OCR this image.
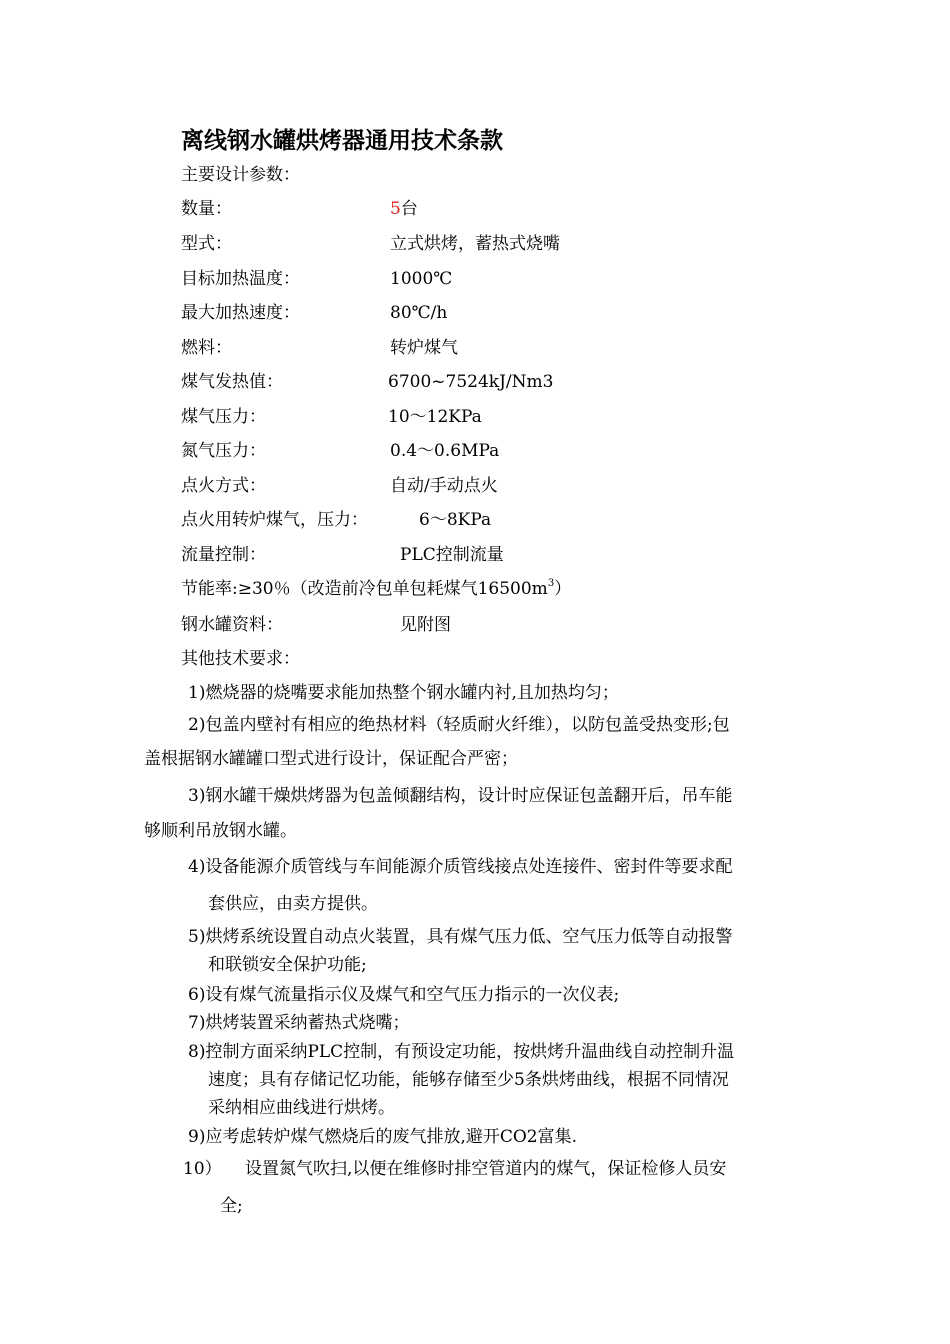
离线钢水罐烘烤器通用技术条款
主要设计参数：
数量：	5台
型式：	立式烘烤，蓄热式烧嘴
目标加热温度：	1000℃
最大加热速度：	80℃/h
燃料：	转炉煤气
煤气发热值：	6700~7524kJ/Nm3
煤气压力：	10～12KPa
氮气压力：	0.4～0.6MPa
点火方式：	自动/手动点火
点火用转炉煤气，压力：	6～8KPa
流量控制：	PLC控制流量
节能率:≥30％（改造前冷包单包耗煤气$16500m^3$）
钢水罐资料：	见附图
其他技术要求：
1)燃烧器的烧嘴要求能加热整个钢水罐内衬,且加热均匀；
2)包盖内壁衬有相应的绝热材料（轻质耐火纤维），以防包盖受热变形;包
盖根据钢水罐罐口型式进行设计，保证配合严密；
3)钢水罐干燥烘烤器为包盖倾翻结构，设计时应保证包盖翻开后，吊车能
够顺利吊放钢水罐。
4)设备能源介质管线与车间能源介质管线接点处连接件、密封件等要求配
套供应，由卖方提供。
5)烘烤系统设置自动点火装置，具有煤气压力低、空气压力低等自动报警
和联锁安全保护功能;
6)设有煤气流量指示仪及煤气和空气压力指示的一次仪表;
7)烘烤装置采纳蓄热式烧嘴；
8)控制方面采纳PLC控制，有预设定功能，按烘烤升温曲线自动控制升温
速度；具有存储记忆功能，能够存储至少5条烘烤曲线，根据不同情况
采纳相应曲线进行烘烤。
9)应考虑转炉煤气燃烧后的废气排放,避开CO2富集.
10） 设置氮气吹扫,以便在维修时排空管道内的煤气，保证检修人员安
全;
